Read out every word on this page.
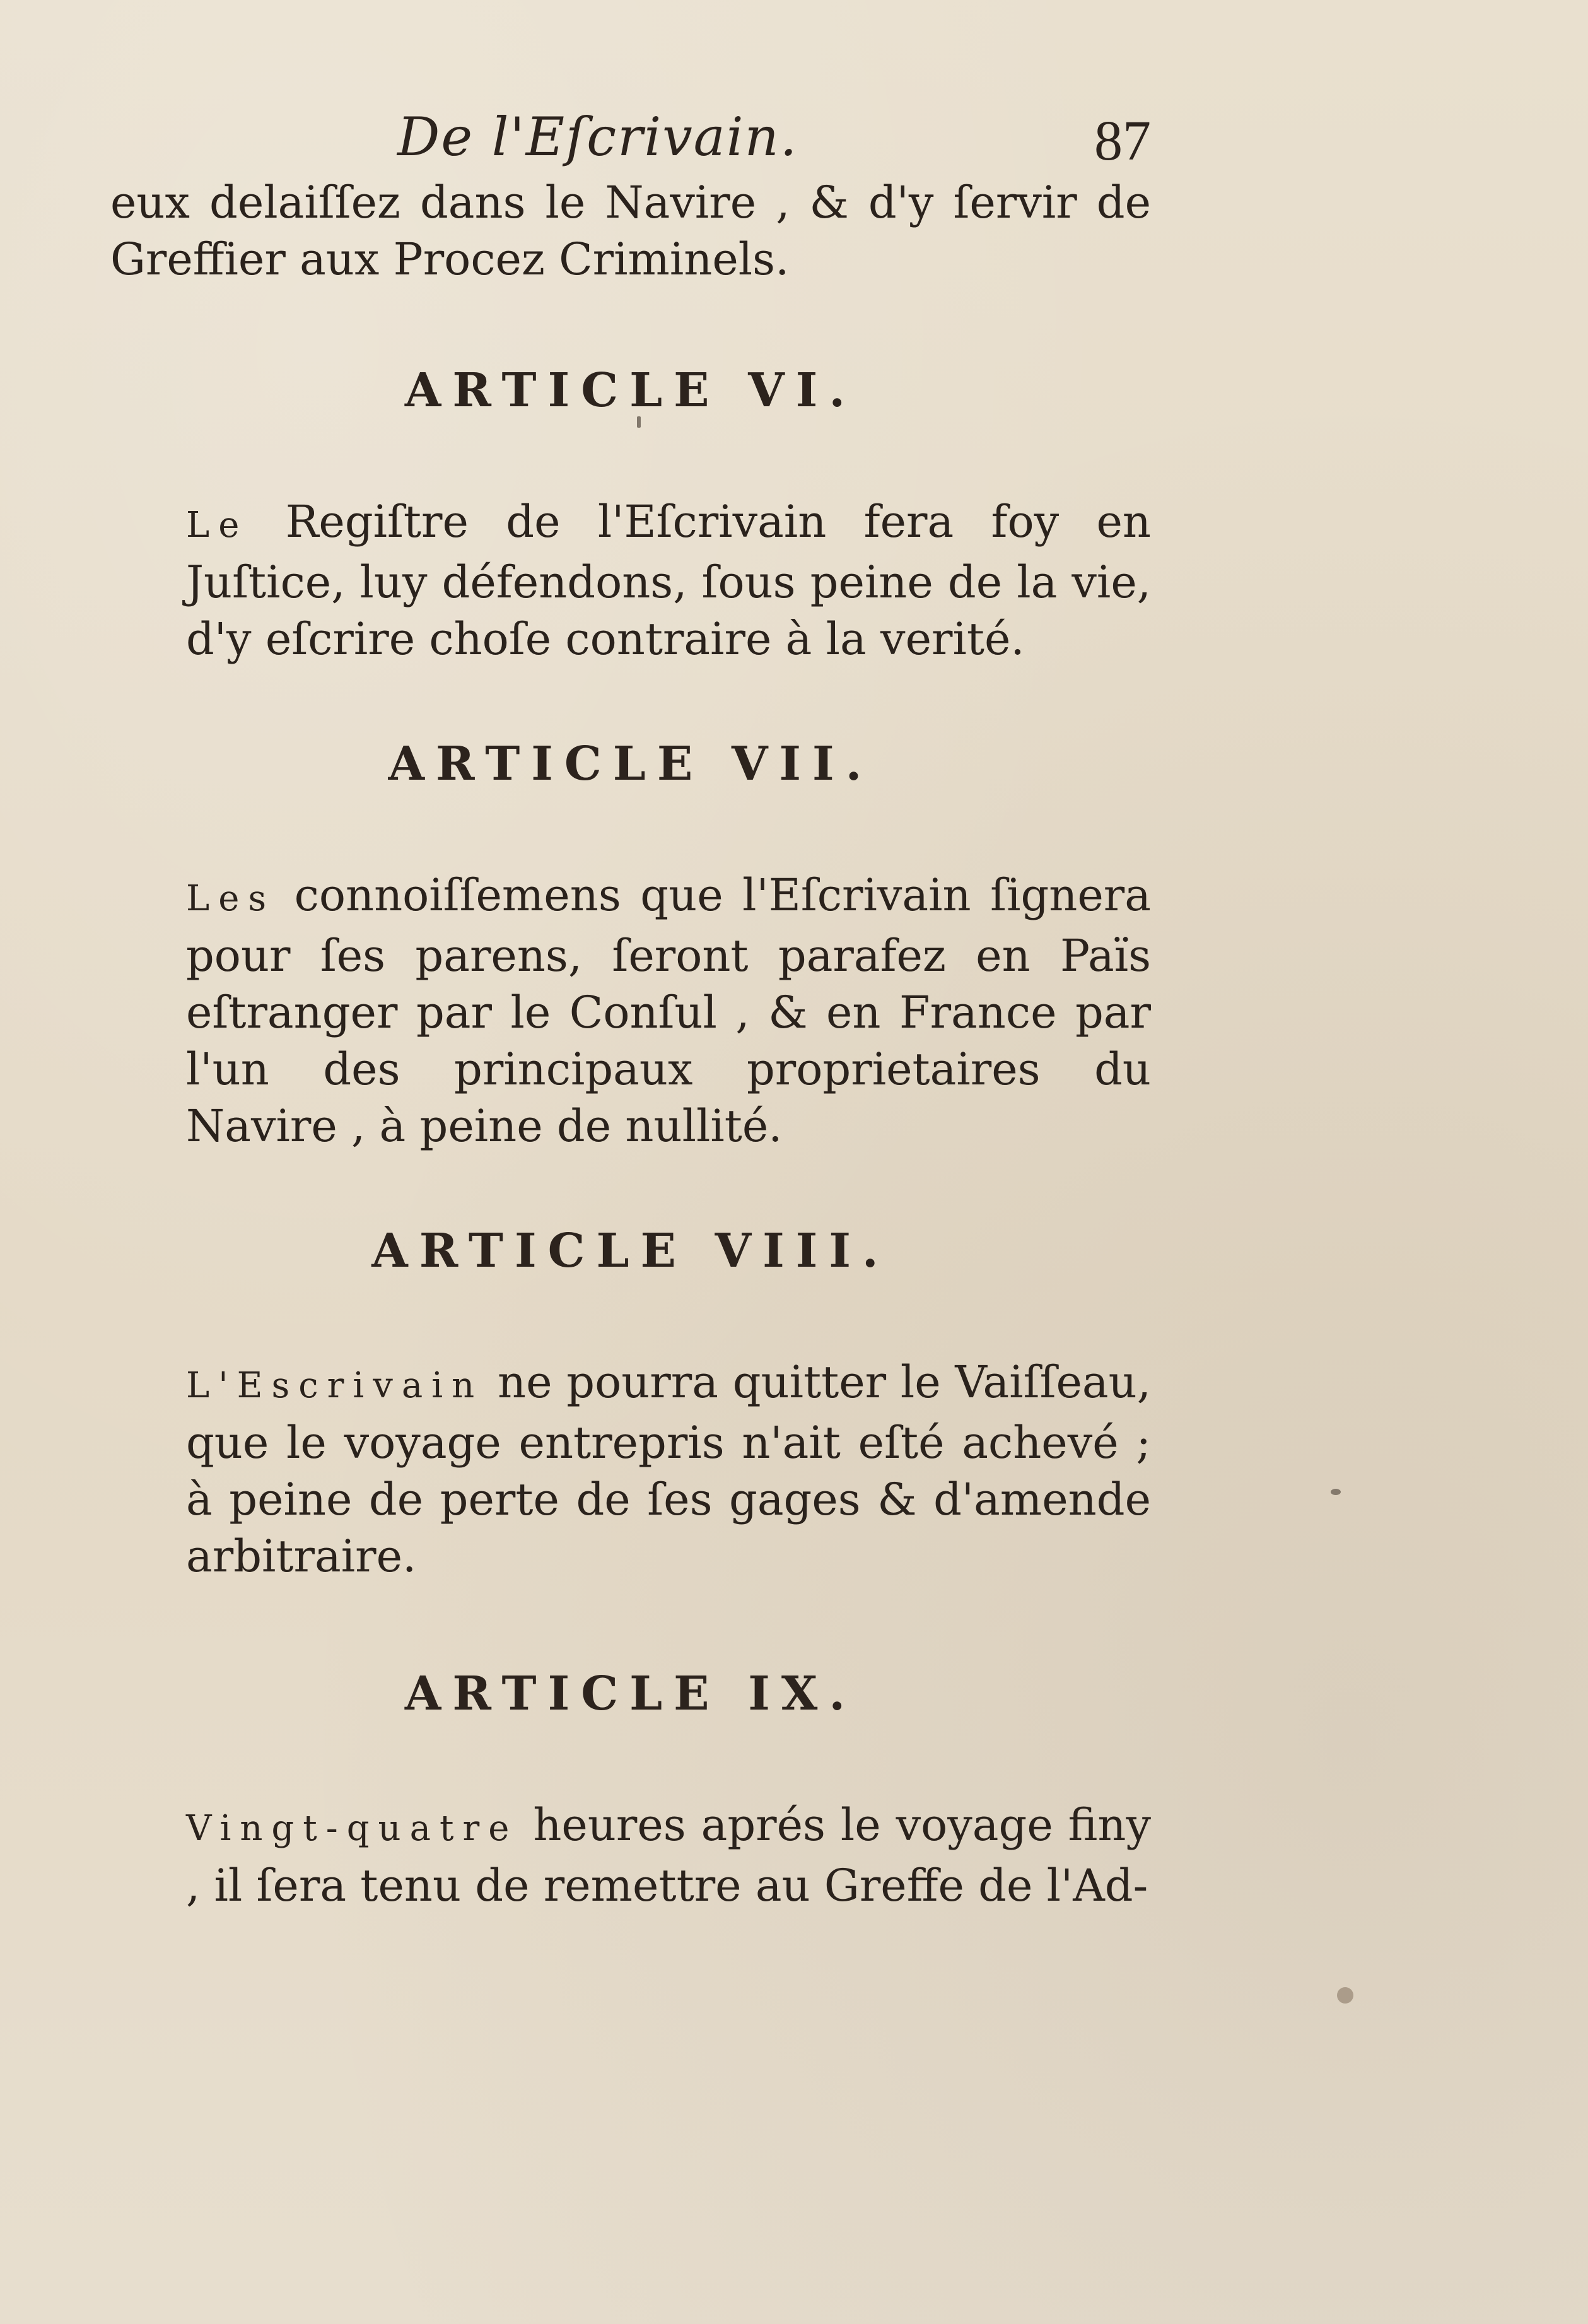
De l'Eſcrivain.	87

eux delaiſſez dans le Navire , & d'y ſervir de Greffier aux Procez Criminels.

ARTICLE VI.

Le Regiſtre de l'Eſcrivain fera foy en Juſtice, luy défendons, ſous peine de la vie, d'y eſcrire choſe contraire à la verité.

ARTICLE VII.

Les connoiſſemens que l'Eſcrivain ſignera pour ſes parens, ſeront parafez en Païs eſtranger par le Conſul , & en France par l'un des principaux proprietaires du Navire , à peine de nullité.

ARTICLE VIII.

L'Escrivain ne pourra quitter le Vaiſſeau, que le voyage entrepris n'ait eſté achevé ; à peine de perte de ſes gages & d'amende arbitraire.

ARTICLE IX.

Vingt-quatre heures aprés le voyage finy , il ſera tenu de remettre au Greffe de l'Ad-
